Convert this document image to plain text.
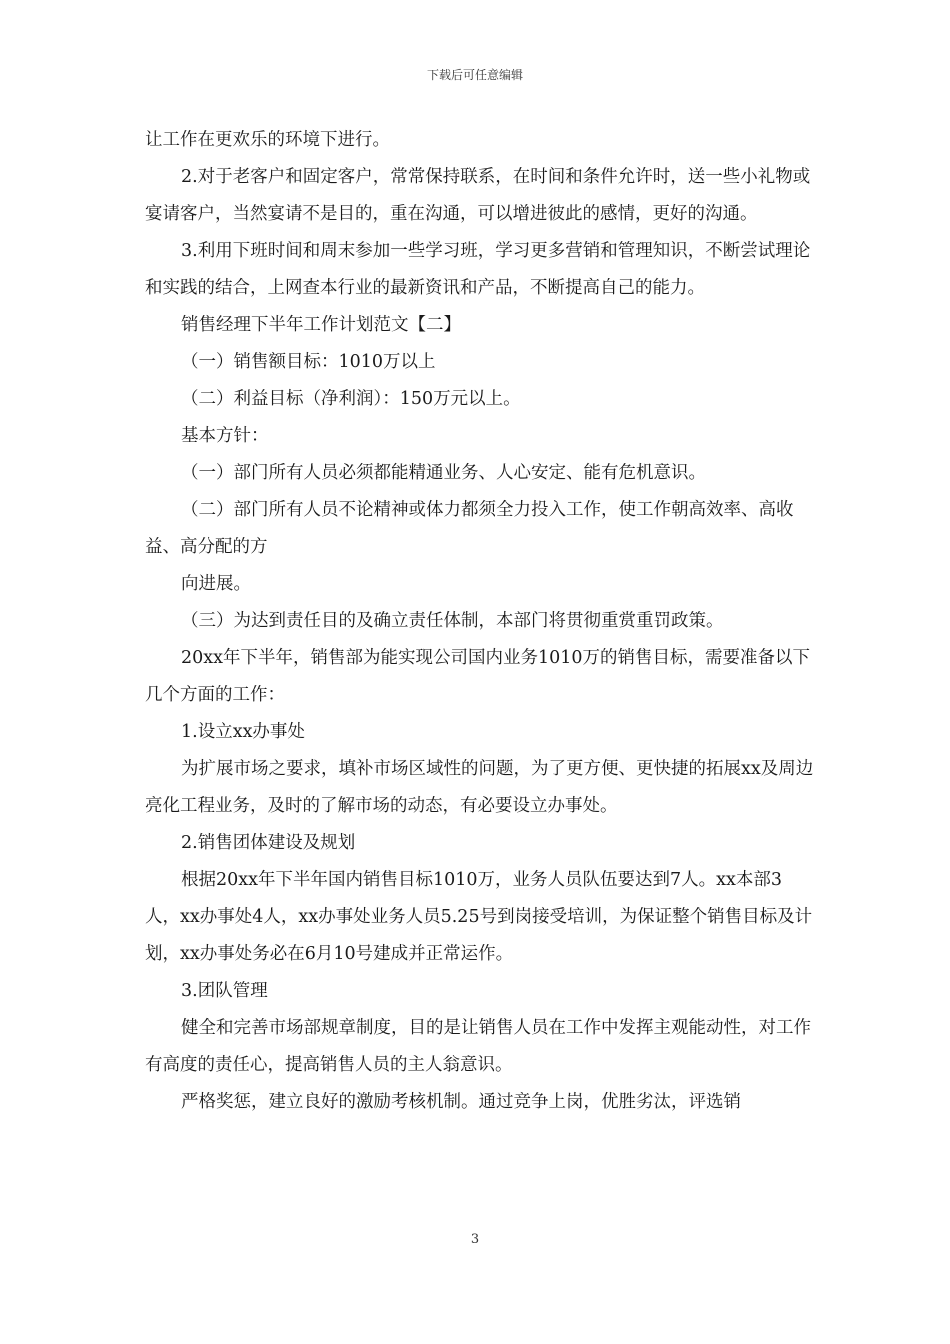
下载后可任意编辑

让工作在更欢乐的环境下进行。

2.对于老客户和固定客户，常常保持联系，在时间和条件允许时，送一些小礼物或宴请客户，当然宴请不是目的，重在沟通，可以增进彼此的感情，更好的沟通。

3.利用下班时间和周末参加一些学习班，学习更多营销和管理知识，不断尝试理论和实践的结合，上网查本行业的最新资讯和产品，不断提高自己的能力。

销售经理下半年工作计划范文【二】

（一）销售额目标：1010万以上

（二）利益目标（净利润）：150万元以上。

基本方针：

（一）部门所有人员必须都能精通业务、人心安定、能有危机意识。

（二）部门所有人员不论精神或体力都须全力投入工作，使工作朝高效率、高收益、高分配的方

向进展。

（三）为达到责任目的及确立责任体制，本部门将贯彻重赏重罚政策。

20xx年下半年，销售部为能实现公司国内业务1010万的销售目标，需要准备以下几个方面的工作：

1.设立xx办事处

为扩展市场之要求，填补市场区域性的问题，为了更方便、更快捷的拓展xx及周边亮化工程业务，及时的了解市场的动态，有必要设立办事处。

2.销售团体建设及规划

根据20xx年下半年国内销售目标1010万，业务人员队伍要达到7人。xx本部3人，xx办事处4人，xx办事处业务人员5.25号到岗接受培训，为保证整个销售目标及计划，xx办事处务必在6月10号建成并正常运作。

3.团队管理

健全和完善市场部规章制度，目的是让销售人员在工作中发挥主观能动性，对工作有高度的责任心，提高销售人员的主人翁意识。

严格奖惩，建立良好的激励考核机制。通过竞争上岗，优胜劣汰，评选销

3
